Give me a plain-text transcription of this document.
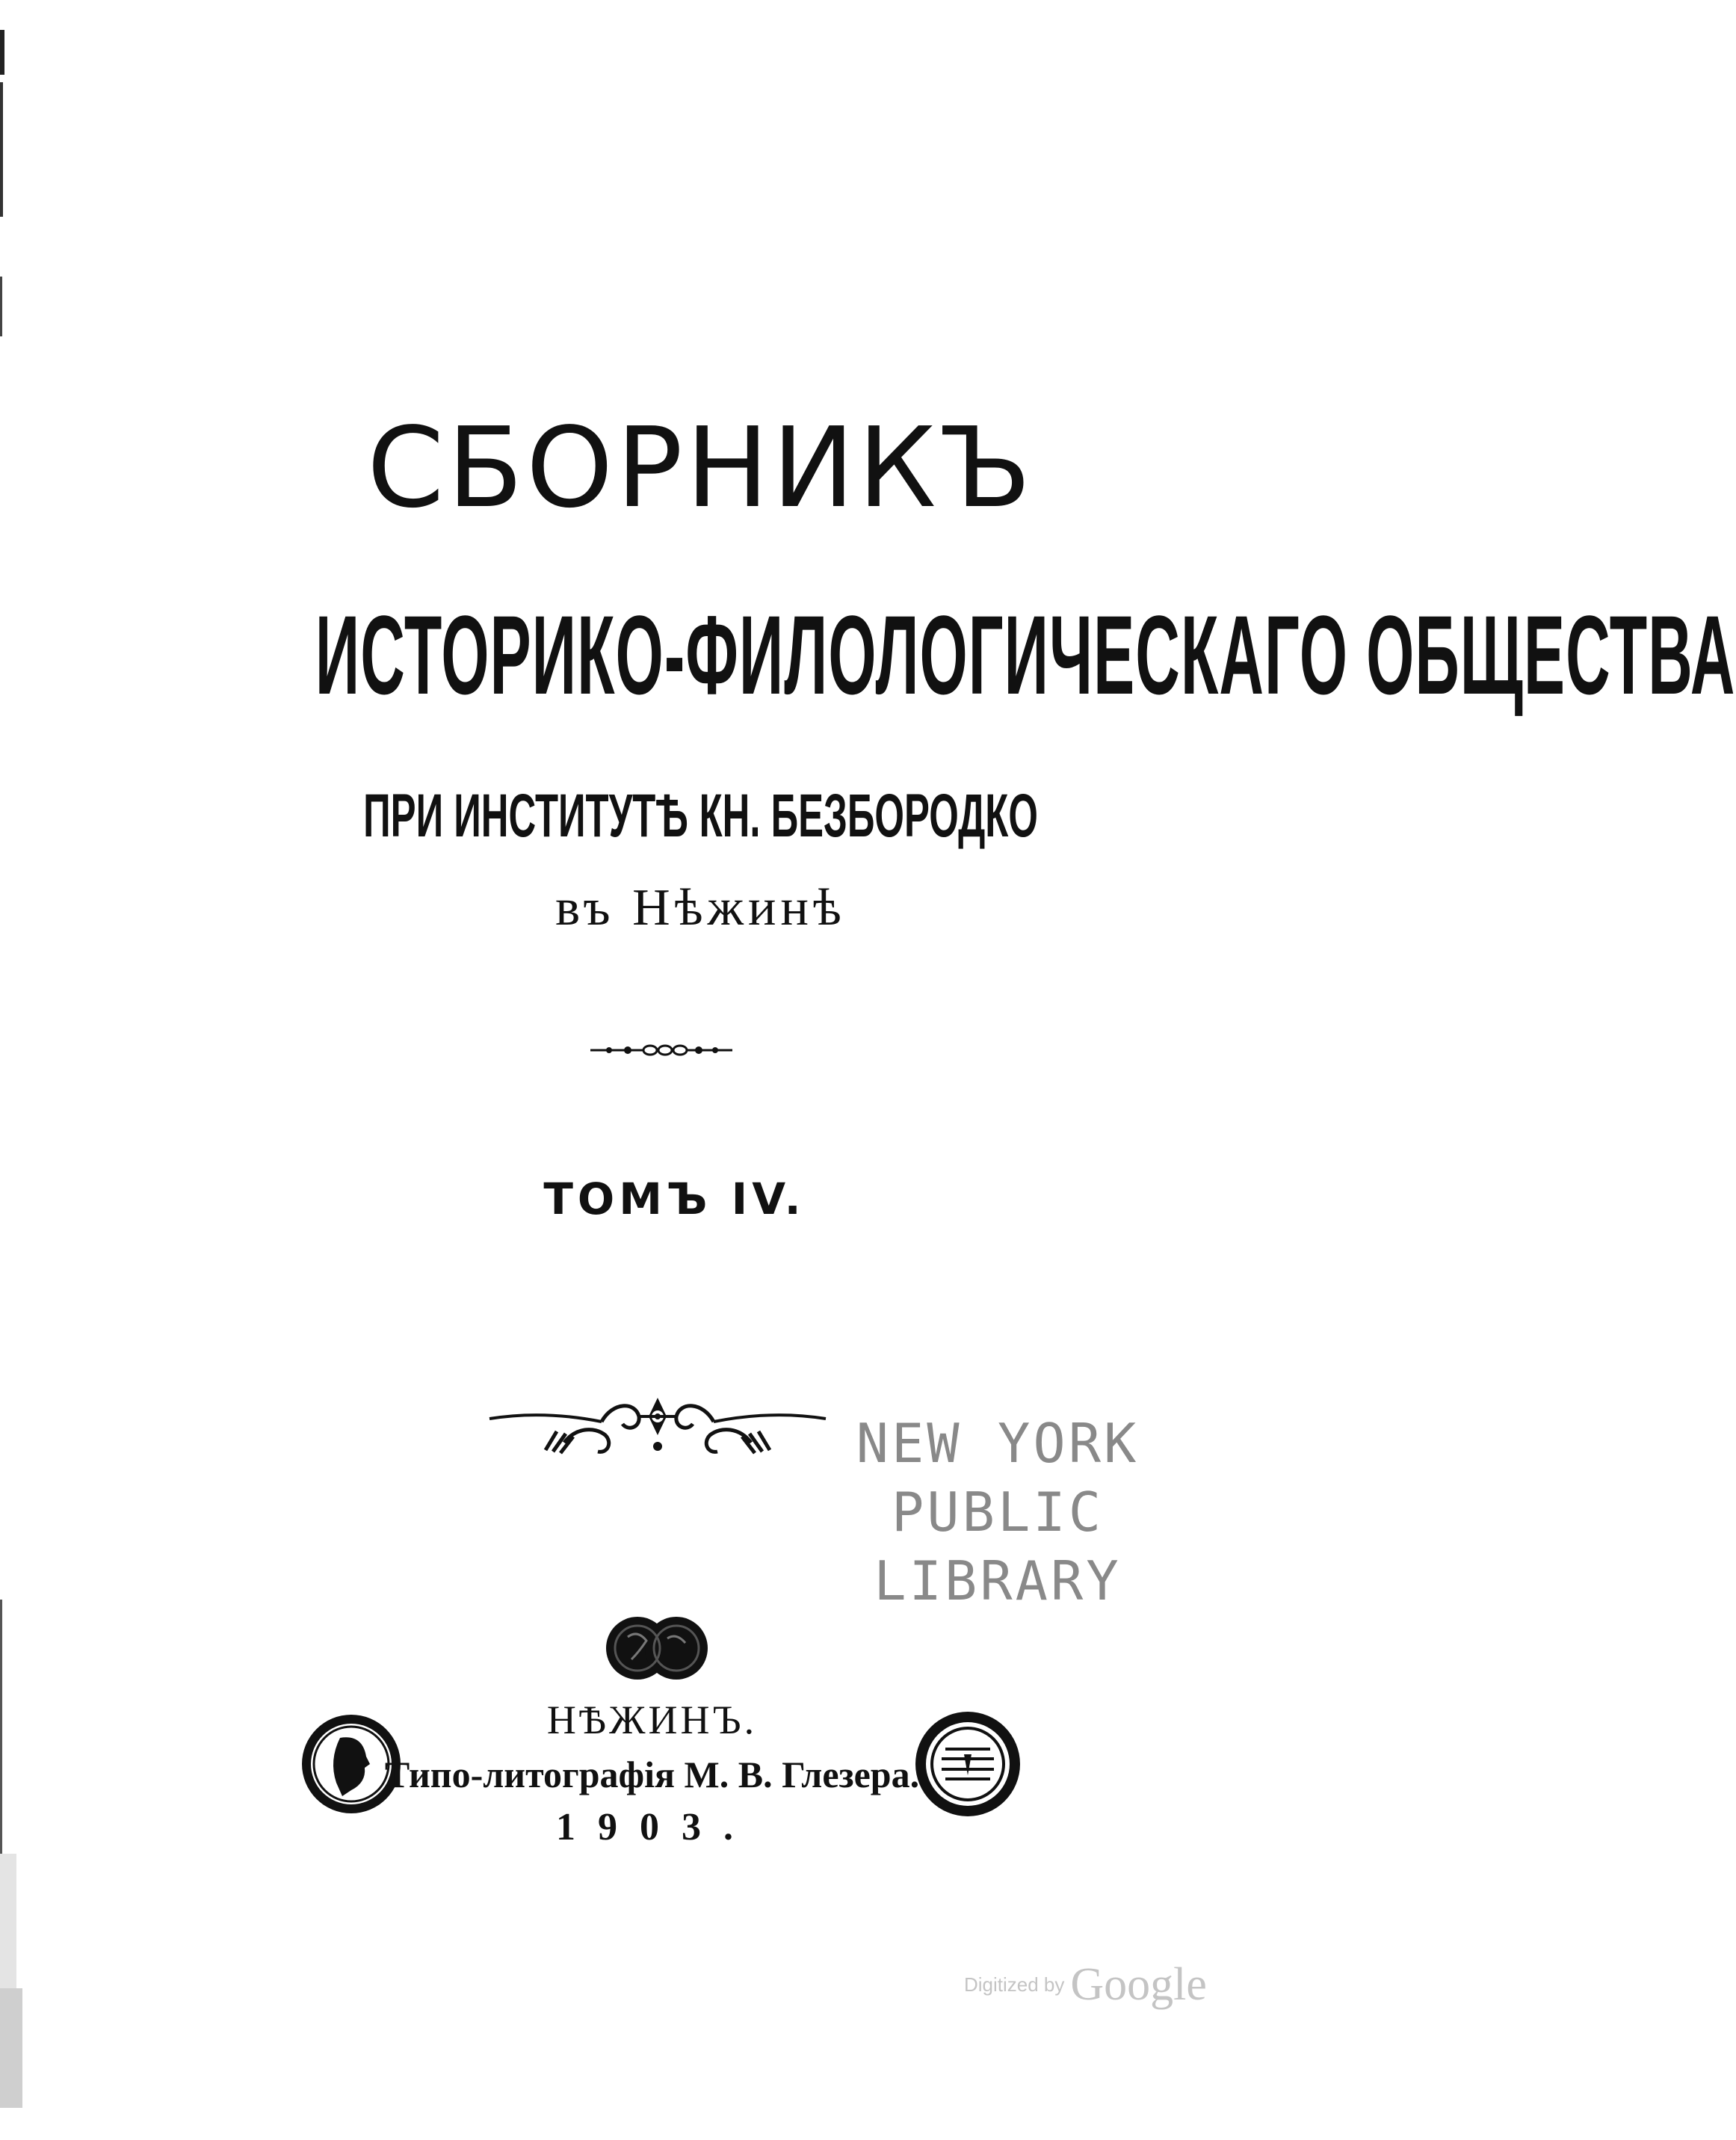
СБОРНИКЪ
ИСТОРИКО-ФИЛОЛОГИЧЕСКАГО ОБЩЕСТВА
ПРИ ИНСТИТУТѢ КН. БЕЗБОРОДКО
въ Нѣжинѣ
ТОМЪ IV.
NEW YORK
PUBLIC
LIBRARY
НѢЖИНЪ.
Типо-литографія М. В. Глезера.
1903.
Digitized by Google
